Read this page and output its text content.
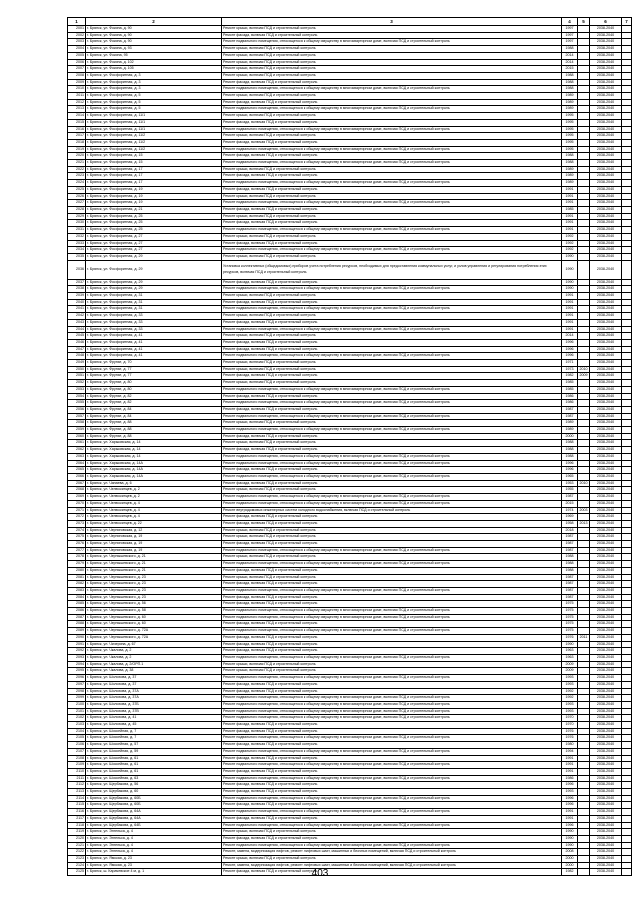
1	2	3	4	5	6	7
2001	г. Брянск, ул. Фокина, д. 90	Ремонт крыши, включая ПСД и строительный контроль	1997		2038-2040	
2002	г. Брянск, ул. Фокина, д. 90	Ремонт фасада, включая ПСД и строительный контроль	1997		2038-2040	
2003	г. Брянск, ул. Фокина, д. 90	Ремонт подвального помещения, относящегося к общему имуществу в многоквартирном доме, включая ПСД и строительный контроль	1997		2038-2040	
2004	г. Брянск, ул. Фокина, д. 93	Ремонт крыши, включая ПСД и строительный контроль	1988		2038-2040	
2005	г. Брянск, ул. Фокина, 95	Ремонт крыши, включая ПСД и строительный контроль	2014		2038-2040	
2006	г. Брянск, ул. Фокина, д. 102	Ремонт крыши, включая ПСД и строительный контроль	2014		2038-2040	
2007	г. Брянск, ул. Фокина, д. 105	Ремонт крыши, включая ПСД и строительный контроль	2015		2038-2040	
2008	г. Брянск, ул. Фосфоритная, д. 3	Ремонт крыши, включая ПСД и строительный контроль	1988		2038-2040	
2009	г. Брянск, ул. Фосфоритная, д. 3	Ремонт фасада, включая ПСД и строительный контроль	1988		2038-2040	
2010	г. Брянск, ул. Фосфоритная, д. 3	Ремонт подвального помещения, относящегося к общему имуществу в многоквартирном доме, включая ПСД и строительный контроль	1988		2038-2040	
2011	г. Брянск, ул. Фосфоритная, д. 5	Ремонт крыши, включая ПСД и строительный контроль	1989		2038-2040	
2012	г. Брянск, ул. Фосфоритная, д. 5	Ремонт фасада, включая ПСД и строительный контроль	1989		2038-2040	
2013	г. Брянск, ул. Фосфоритная, д. 5	Ремонт подвального помещения, относящегося к общему имуществу в многоквартирном доме, включая ПСД и строительный контроль	1989		2038-2040	
2014	г. Брянск, ул. Фосфоритная, д. 11/1	Ремонт крыши, включая ПСД и строительный контроль	1995		2038-2040	
2015	г. Брянск, ул. Фосфоритная, д. 11/1	Ремонт фасада, включая ПСД и строительный контроль	1995		2038-2040	
2016	г. Брянск, ул. Фосфоритная, д. 11/1	Ремонт подвального помещения, относящегося к общему имуществу в многоквартирном доме, включая ПСД и строительный контроль	1995		2038-2040	
2017	г. Брянск, ул. Фосфоритная, д. 11/2	Ремонт крыши, включая ПСД и строительный контроль	1995		2038-2040	
2018	г. Брянск, ул. Фосфоритная, д. 11/2	Ремонт фасада, включая ПСД и строительный контроль	1995		2038-2040	
2019	г. Брянск, ул. Фосфоритная, д. 11/2	Ремонт подвального помещения, относящегося к общему имуществу в многоквартирном доме, включая ПСД и строительный контроль	1995		2038-2040	
2020	г. Брянск, ул. Фосфоритная, д. 15	Ремонт фасада, включая ПСД и строительный контроль	1988		2038-2040	
2021	г. Брянск, ул. Фосфоритная, д. 15	Ремонт подвального помещения, относящегося к общему имуществу в многоквартирном доме, включая ПСД и строительный контроль	1988		2038-2040	
2022	г. Брянск, ул. Фосфоритная, д. 17	Ремонт крыши, включая ПСД и строительный контроль	1989		2038-2040	
2023	г. Брянск, ул. Фосфоритная, д. 17	Ремонт фасада, включая ПСД и строительный контроль	1989		2038-2040	
2024	г. Брянск, ул. Фосфоритная, д. 17	Ремонт подвального помещения, относящегося к общему имуществу в многоквартирном доме, включая ПСД и строительный контроль	1989		2038-2040	
2025	г. Брянск, ул. Фосфоритная, д. 19	Ремонт фасада, включая ПСД и строительный контроль	1991		2038-2040	
2026	г. Брянск, ул. Фосфоритная, д. 19	Ремонт крыши, включая ПСД и строительный контроль	1991		2038-2040	
2027	г. Брянск, ул. Фосфоритная, д. 19	Ремонт подвального помещения, относящегося к общему имуществу в многоквартирном доме, включая ПСД и строительный контроль	1991		2038-2040	
2028	г. Брянск, ул. Фосфоритная, д. 21	Ремонт фасада, включая ПСД и строительный контроль	1985		2038-2040	
2029	г. Брянск, ул. Фосфоритная, д. 25	Ремонт крыши, включая ПСД и строительный контроль	1991		2038-2040	
2030	г. Брянск, ул. Фосфоритная, д. 25	Ремонт фасада, включая ПСД и строительный контроль	1991		2038-2040	
2031	г. Брянск, ул. Фосфоритная, д. 25	Ремонт подвального помещения, относящегося к общему имуществу в многоквартирном доме, включая ПСД и строительный контроль	1991		2038-2040	
2032	г. Брянск, ул. Фосфоритная, д. 27	Ремонт крыши, включая ПСД и строительный контроль	1992		2038-2040	
2033	г. Брянск, ул. Фосфоритная, д. 27	Ремонт фасада, включая ПСД и строительный контроль	1992		2038-2040	
2034	г. Брянск, ул. Фосфоритная, д. 27	Ремонт подвального помещения, относящегося к общему имуществу в многоквартирном доме, включая ПСД и строительный контроль	1992		2038-2040	
2035	г. Брянск, ул. Фосфоритная, д. 29	Ремонт крыши, включая ПСД и строительный контроль	1990		2038-2040	
2036	г. Брянск, ул. Фосфоритная, д. 29	Установка коллективных (общедомовых) приборов учета потребления ресурсов, необходимых для предоставления коммунальных услуг, и узлов управления и регулирования потребления этих ресурсов, включая ПСД и строительный контроль	1990		2038-2040	
2037	г. Брянск, ул. Фосфоритная, д. 29	Ремонт фасада, включая ПСД и строительный контроль	1990		2038-2040	
2038	г. Брянск, ул. Фосфоритная, д. 29	Ремонт подвального помещения, относящегося к общему имуществу в многоквартирном доме, включая ПСД и строительный контроль	1990		2038-2040	
2039	г. Брянск, ул. Фосфоритная, д. 31	Ремонт крыши, включая ПСД и строительный контроль	1991		2038-2040	
2040	г. Брянск, ул. Фосфоритная, д. 31	Ремонт фасада, включая ПСД и строительный контроль	1991		2038-2040	
2041	г. Брянск, ул. Фосфоритная, д. 31	Ремонт подвального помещения, относящегося к общему имуществу в многоквартирном доме, включая ПСД и строительный контроль	1991		2038-2040	
2042	г. Брянск, ул. Фосфоритная, д. 33	Ремонт крыши, включая ПСД и строительный контроль	1991		2038-2040	
2043	г. Брянск, ул. Фосфоритная, д. 33	Ремонт фасада, включая ПСД и строительный контроль	1991		2038-2040	
2044	г. Брянск, ул. Фосфоритная, д. 33	Ремонт подвального помещения, относящегося к общему имуществу в многоквартирном доме, включая ПСД и строительный контроль	1991		2038-2040	
2045	г. Брянск, ул. Фосфоритная, д. 41	Ремонт крыши, включая ПСД и строительный контроль	2014		2038-2040	
2046	г. Брянск, ул. Фосфоритная, д. 41	Ремонт фасада, включая ПСД и строительный контроль	1996		2038-2040	
2047	г. Брянск, ул. Фосфоритная, д. 41	Ремонт фасада, включая ПСД и строительный контроль	1996		2038-2040	
2048	г. Брянск, ул. Фосфоритная, д. 41	Ремонт подвального помещения, относящегося к общему имуществу в многоквартирном доме, включая ПСД и строительный контроль	1996		2038-2040	
2049	г. Брянск, ул. Фрунзе, д. 70	Ремонт крыши, включая ПСД и строительный контроль	1971		2038-2040	
2050	г. Брянск, ул. Фрунзе, д. 77	Ремонт крыши, включая ПСД и строительный контроль	1973	2010	2038-2040	
2051	г. Брянск, ул. Фрунзе, д. 77	Ремонт фасада, включая ПСД и строительный контроль	1982	2009	2038-2040	
2052	г. Брянск, ул. Фрунзе, д. 80	Ремонт крыши, включая ПСД и строительный контроль	1985		2038-2040	
2053	г. Брянск, ул. Фрунзе, д. 80	Ремонт подвального помещения, относящегося к общему имуществу в многоквартирном доме, включая ПСД и строительный контроль	1985		2038-2040	
2054	г. Брянск, ул. Фрунзе, д. 82	Ремонт фасада, включая ПСД и строительный контроль	1986		2038-2040	
2055	г. Брянск, ул. Фрунзе, д. 82	Ремонт подвального помещения, относящегося к общему имуществу в многоквартирном доме, включая ПСД и строительный контроль	1986		2038-2040	
2056	г. Брянск, ул. Фрунзе, д. 84	Ремонт фасада, включая ПСД и строительный контроль	1987		2038-2040	
2057	г. Брянск, ул. Фрунзе, д. 84	Ремонт подвального помещения, относящегося к общему имуществу в многоквартирном доме, включая ПСД и строительный контроль	1987		2038-2040	
2058	г. Брянск, ул. Фрунзе, д. 88	Ремонт крыши, включая ПСД и строительный контроль	1989		2038-2040	
2059	г. Брянск, ул. Фрунзе, д. 88	Ремонт подвального помещения, относящегося к общему имуществу в многоквартирном доме, включая ПСД и строительный контроль	1989		2038-2040	
2060	г. Брянск, ул. Фрунзе, д. 88	Ремонт фасада, включая ПСД и строительный контроль	2000		2038-2040	
2061	г. Брянск, ул. Харьковская, д. 14	Ремонт крыши, включая ПСД и строительный контроль	1988		2038-2040	
2062	г. Брянск, ул. Харьковская, д. 14	Ремонт фасада, включая ПСД и строительный контроль	1988		2038-2040	
2063	г. Брянск, ул. Харьковская, д. 14	Ремонт подвального помещения, относящегося к общему имуществу в многоквартирном доме, включая ПСД и строительный контроль	1988		2038-2040	
2064	г. Брянск, ул. Харьковская, д. 14А	Ремонт подвального помещения, относящегося к общему имуществу в многоквартирном доме, включая ПСД и строительный контроль	1996		2038-2040	
2065	г. Брянск, ул. Харьковская, д. 14А	Ремонт фасада, включая ПСД и строительный контроль	1996		2038-2040	
2066	г. Брянск, ул. Харьковская, д. 14А	Ремонт подвального помещения, относящегося к общему имуществу в многоквартирном доме, включая ПСД и строительный контроль	1965		2038-2040	
2067	г. Брянск, ул. Чапаева, д. 6	Ремонт фасада, включая ПСД и строительный контроль	1953	2010	2038-2040	
2068	г. Брянск, ул. Челюскинцев, д. 2	Ремонт крыши, включая ПСД и строительный контроль	1955		2038-2040	
2069	г. Брянск, ул. Челюскинцев, д. 2	Ремонт подвального помещения, относящегося к общему имуществу в многоквартирном доме, включая ПСД и строительный контроль	1987		2038-2040	
2070	г. Брянск, ул. Челюскинцев, д. 4	Ремонт подвального помещения, относящегося к общему имуществу в многоквартирном доме, включая ПСД и строительный контроль	2015		2038-2040	
2071	г. Брянск, ул. Челюскинцев, д. 4	Ремонт внутридомовых инженерных систем холодного водоснабжения, включая ПСД и строительный контроль	1974	2003	2038-2040	
2072	г. Брянск, ул. Челюскинцев, д. 4	Ремонт фасада, включая ПСД и строительный контроль	1969		2038-2040	
2073	г. Брянск, ул. Челюскинцев, д. 22	Ремонт фасада, включая ПСД и строительный контроль	1958	2013	2038-2040	
2074	г. Брянск, ул. Черниговская, д. 12	Ремонт крыши, включая ПСД и строительный контроль	2018		2038-2040	
2075	г. Брянск, ул. Черниговская, д. 19	Ремонт крыши, включая ПСД и строительный контроль	1987		2038-2040	
2076	г. Брянск, ул. Черниговская, д. 19	Ремонт фасада, включая ПСД и строительный контроль	1987		2038-2040	
2077	г. Брянск, ул. Черниговская, д. 19	Ремонт подвального помещения, относящегося к общему имуществу в многоквартирном доме, включая ПСД и строительный контроль	1987		2038-2040	
2078	г. Брянск, ул. Чернышевского, д. 21	Ремонт крыши, включая ПСД и строительный контроль	1988		2038-2040	
2079	г. Брянск, ул. Чернышевского, д. 21	Ремонт подвального помещения, относящегося к общему имуществу в многоквартирном доме, включая ПСД и строительный контроль	1988		2038-2040	
2080	г. Брянск, ул. Чернышевского, д. 21	Ремонт фасада, включая ПСД и строительный контроль	1988		2038-2040	
2081	г. Брянск, ул. Чернышевского, д. 23	Ремонт крыши, включая ПСД и строительный контроль	1987		2038-2040	
2082	г. Брянск, ул. Чернышевского, д. 23	Ремонт фасада, включая ПСД и строительный контроль	1987		2038-2040	
2083	г. Брянск, ул. Чернышевского, д. 23	Ремонт подвального помещения, относящегося к общему имуществу в многоквартирном доме, включая ПСД и строительный контроль	1987		2038-2040	
2084	г. Брянск, ул. Чернышевского, д. 23	Ремонт фасада, включая ПСД и строительный контроль	1987		2038-2040	
2085	г. Брянск, ул. Чернышевского, д. 56	Ремонт фасада, включая ПСД и строительный контроль	1975		2038-2040	
2086	г. Брянск, ул. Чернышевского, д. 58	Ремонт подвального помещения, относящегося к общему имуществу в многоквартирном доме, включая ПСД и строительный контроль	1975		2038-2040	
2087	г. Брянск, ул. Чернышевского, д. 60	Ремонт подвального помещения, относящегося к общему имуществу в многоквартирном доме, включая ПСД и строительный контроль	1975		2038-2040	
2088	г. Брянск, ул. Чернышевского, д. 60	Ремонт фасада, включая ПСД и строительный контроль	1975		2038-2040	
2089	г. Брянск, ул. Чернышевского, д. 72А	Ремонт подвального помещения, относящегося к общему имуществу в многоквартирном доме, включая ПСД и строительный контроль	1975		2038-2040	
2090	г. Брянск, ул. Чернышевского, д. 72А	Ремонт фасада, включая ПСД и строительный контроль	1976	2011	2038-2040	
2091	г. Брянск, ул. Чичерина, д. 67	Ремонт фасада, включая ПСД и строительный контроль	1990		2038-2040	
2092	г. Брянск, ул. Чкалова, д. 2	Ремонт фасада, включая ПСД и строительный контроль	1963		2038-2040	
2093	г. Брянск, ул. Чкалова, д. 2	Ремонт подвального помещения, относящегося к общему имуществу в многоквартирном доме, включая ПСД и строительный контроль	1963		2038-2040	
2094	г. Брянск, ул. Чкалова, д. 2/ОРП.1	Ремонт крыши, включая ПСД и строительный контроль	2009		2038-2040	
2095	г. Брянск, ул. Чкалова, д. 38	Ремонт крыши, включая ПСД и строительный контроль	2009		2038-2040	
2096	г. Брянск, ул. Шолохова, д. 37	Ремонт подвального помещения, относящегося к общему имуществу в многоквартирном доме, включая ПСД и строительный контроль	1993		2038-2040	
2097	г. Брянск, ул. Шолохова, д. 37	Ремонт фасада, включая ПСД и строительный контроль	1993		2038-2040	
2098	г. Брянск, ул. Шолохова, д. 37А	Ремонт фасада, включая ПСД и строительный контроль	1992		2038-2040	
2099	г. Брянск, ул. Шолохова, д. 37А	Ремонт подвального помещения, относящегося к общему имуществу в многоквартирном доме, включая ПСД и строительный контроль	1992		2038-2040	
2100	г. Брянск, ул. Шолохова, д. 37Б	Ремонт подвального помещения, относящегося к общему имуществу в многоквартирном доме, включая ПСД и строительный контроль	1993		2038-2040	
2101	г. Брянск, ул. Шолохова, д. 37В	Ремонт подвального помещения, относящегося к общему имуществу в многоквартирном доме, включая ПСД и строительный контроль	1993		2038-2040	
2102	г. Брянск, ул. Шолохова, д. 41	Ремонт подвального помещения, относящегося к общему имуществу в многоквартирном доме, включая ПСД и строительный контроль	1970		2038-2040	
2103	г. Брянск, ул. Шолохова, д. 45	Ремонт фасада, включая ПСД и строительный контроль	1970		2038-2040	
2104	г. Брянск, ул. Шоссейная, д. 7	Ремонт фасада, включая ПСД и строительный контроль	1976		2038-2040	
2105	г. Брянск, ул. Шоссейная, д. 7	Ремонт подвального помещения, относящегося к общему имуществу в многоквартирном доме, включая ПСД и строительный контроль	1976		2038-2040	
2106	г. Брянск, ул. Шоссейная, д. 57	Ремонт фасада, включая ПСД и строительный контроль	1980		2038-2040	
2107	г. Брянск, ул. Шоссейная, д. 59	Ремонт подвального помещения, относящегося к общему имуществу в многоквартирном доме, включая ПСД и строительный контроль	1994		2038-2040	
2108	г. Брянск, ул. Шоссейная, д. 61	Ремонт фасада, включая ПСД и строительный контроль	1991		2038-2040	
2109	г. Брянск, ул. Шоссейная, д. 61	Ремонт подвального помещения, относящегося к общему имуществу в многоквартирном доме, включая ПСД и строительный контроль	1991		2038-2040	
2110	г. Брянск, ул. Шоссейная, д. 61	Ремонт фасада, включая ПСД и строительный контроль	1991		2038-2040	
2111	г. Брянск, ул. Шоссейная, д. 63	Ремонт подвального помещения, относящегося к общему имуществу в многоквартирном доме, включая ПСД и строительный контроль	1986		2038-2040	
2112	г. Брянск, ул. Щербакова, д. 56	Ремонт фасада, включая ПСД и строительный контроль	1996		2038-2040	
2113	г. Брянск, ул. Щербакова, д. 60	Ремонт фасада, включая ПСД и строительный контроль	1993		2038-2040	
2114	г. Брянск, ул. Щербакова, д. 60Б	Ремонт подвального помещения, относящегося к общему имуществу в многоквартирном доме, включая ПСД и строительный контроль	1996		2038-2040	
2115	г. Брянск, ул. Щербакова, д. 60Б	Ремонт фасада, включая ПСД и строительный контроль	1996		2038-2040	
2116	г. Брянск, ул. Щербакова, д. 64А	Ремонт подвального помещения, относящегося к общему имуществу в многоквартирном доме, включая ПСД и строительный контроль	1991		2038-2040	
2117	г. Брянск, ул. Щербакова, д. 64А	Ремонт фасада, включая ПСД и строительный контроль	1991		2038-2040	
2118	г. Брянск, ул. Щербакова, д. 64Б	Ремонт подвального помещения, относящегося к общему имуществу в многоквартирном доме, включая ПСД и строительный контроль	1996		2038-2040	
2119	г. Брянск, ул. Энгельса, д. 4	Ремонт крыши, включая ПСД и строительный контроль	1990		2038-2040	
2120	г. Брянск, ул. Энгельса, д. 4	Ремонт фасада, включая ПСД и строительный контроль	1990		2038-2040	
2121	г. Брянск, ул. Энгельса, д. 4	Ремонт подвального помещения, относящегося к общему имуществу в многоквартирном доме, включая ПСД и строительный контроль	1990		2038-2040	
2122	г. Брянск, ул. Энгельса, д. 4	Ремонт, замена, модернизация лифтов, ремонт лифтовых шахт, машинных и блочных помещений, включая ПСД и строительный контроль	2008		2038-2040	
2123	г. Брянск, ул. Ямская, д. 23	Ремонт крыши, включая ПСД и строительный контроль	2000		2038-2040	
2124	г. Брянск, ул. Ямская, д. 23	Ремонт, замена, модернизация лифтов, ремонт лифтовых шахт, машинных и блочных помещений, включая ПСД и строительный контроль	2000		2038-2040	
2125	г. Брянск, ш. Карачевское 4 м, д. 1	Ремонт фасада, включая ПСД и строительный контроль	1982		2038-2040	
403
